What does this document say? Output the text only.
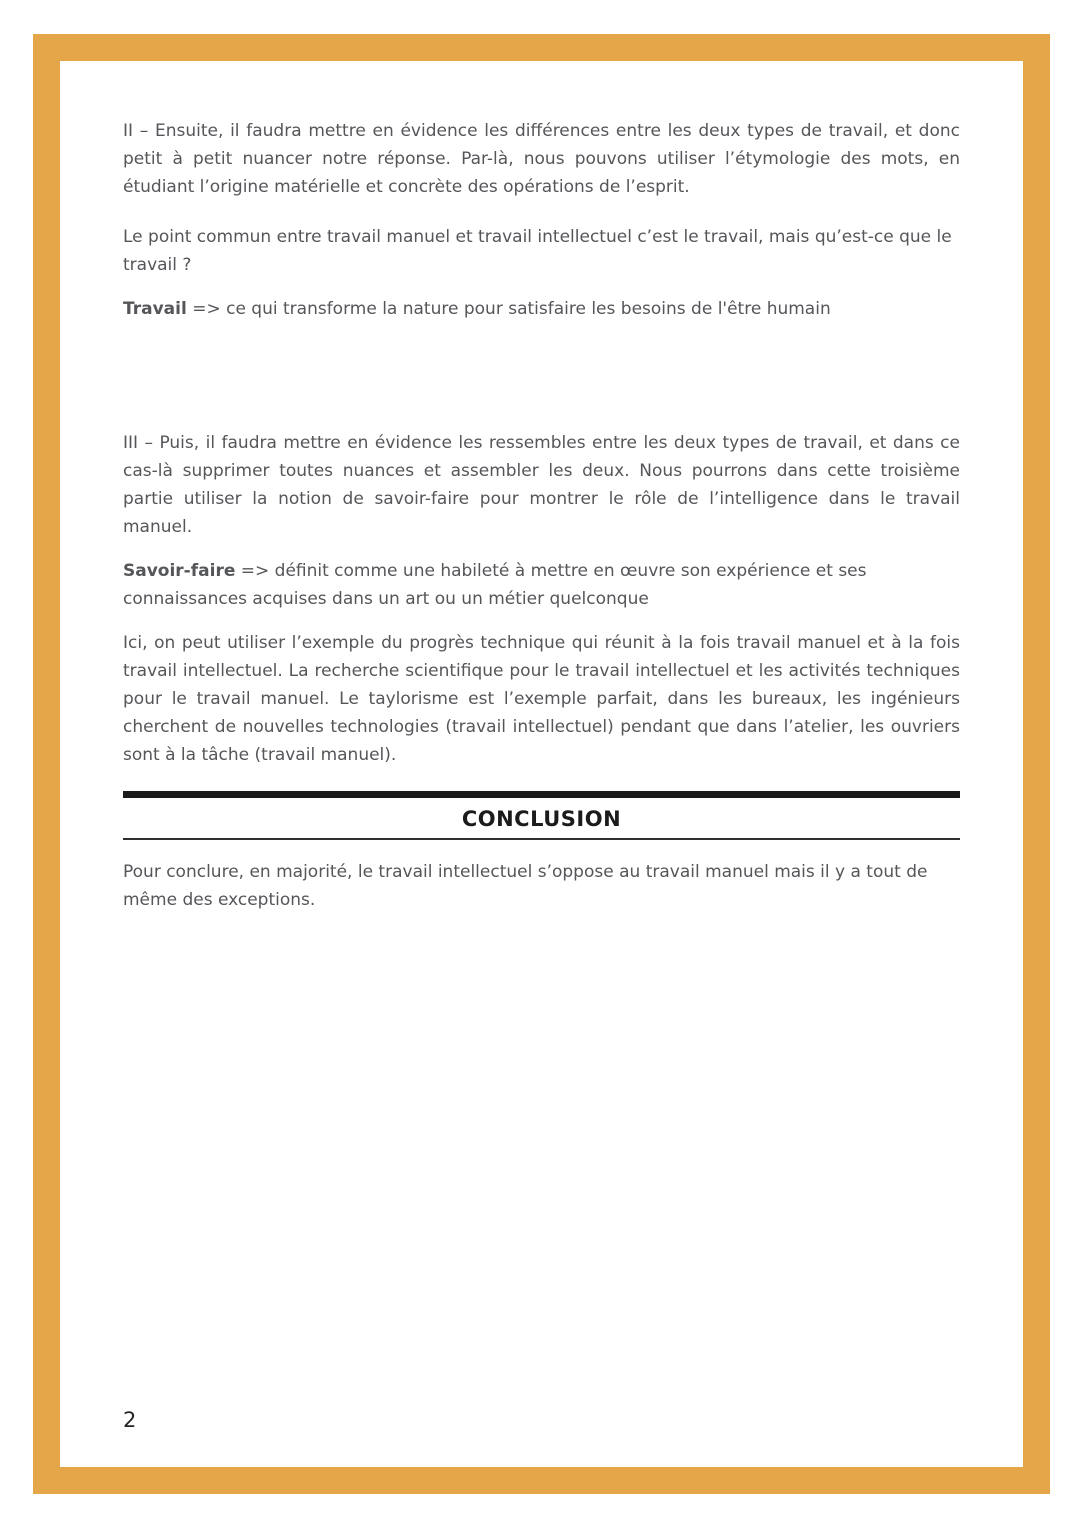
II – Ensuite, il faudra mettre en évidence les différences entre les deux types de travail, et donc petit à petit nuancer notre réponse. Par-là, nous pouvons utiliser l’étymologie des mots, en étudiant l’origine matérielle et concrète des opérations de l’esprit.

Le point commun entre travail manuel et travail intellectuel c’est le travail, mais qu’est-ce que le travail ?

Travail => ce qui transforme la nature pour satisfaire les besoins de l'être humain

III – Puis, il faudra mettre en évidence les ressembles entre les deux types de travail, et dans ce cas-là supprimer toutes nuances et assembler les deux. Nous pourrons dans cette troisième partie utiliser la notion de savoir-faire pour montrer le rôle de l’intelligence dans le travail manuel.

Savoir-faire => définit comme une habileté à mettre en œuvre son expérience et ses connaissances acquises dans un art ou un métier quelconque

Ici, on peut utiliser l’exemple du progrès technique qui réunit à la fois travail manuel et à la fois travail intellectuel. La recherche scientifique pour le travail intellectuel et les activités techniques pour le travail manuel. Le taylorisme est l’exemple parfait, dans les bureaux, les ingénieurs cherchent de nouvelles technologies (travail intellectuel) pendant que dans l’atelier, les ouvriers sont à la tâche (travail manuel).

CONCLUSION

Pour conclure, en majorité, le travail intellectuel s’oppose au travail manuel mais il y a tout de même des exceptions.

2
